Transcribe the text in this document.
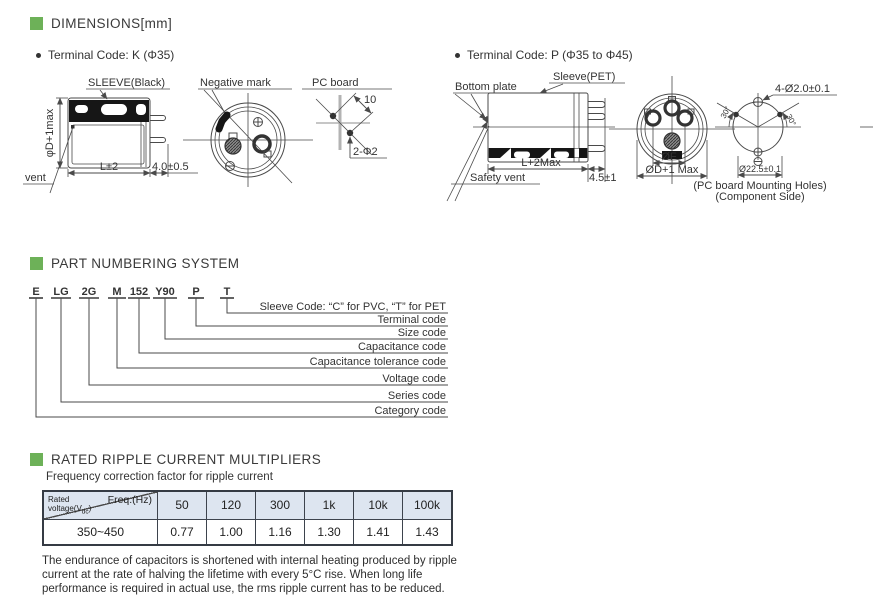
DIMENSIONS[mm]
Terminal Code: K (Φ35)	Terminal Code: P (Φ35 to Φ45)
SLEEVE(Black)
φD+1max
L±2	4.0±0.5
vent
Negative mark	PC board
10
2-Φ2
Bottom plate
Sleeve(PET)
L+2Max
4.5±1
Safety vent
ØF
ØD+1 Max
30°
30°
4-Ø2.0±0.1
Ø22.5±0.1
(PC board Mounting Holes)
(Component Side)
PART NUMBERING SYSTEM
E LG 2G M 152 Y90 P T
Sleeve Code: “C” for PVC, “T” for PET
Terminal code
Size code
Capacitance code
Capacitance tolerance code
Voltage code
Series code
Category code
RATED RIPPLE CURRENT MULTIPLIERS
Frequency correction factor for ripple current
Freq.(Hz)
Rated
$voltage(V_{dc})$	50	120	300	1k	10k	100k
350~450	0.77	1.00	1.16	1.30	1.41	1.43
The endurance of capacitors is shortened with internal heating produced by ripple
current at the rate of halving the lifetime with every 5°C rise. When long life
performance is required in actual use, the rms ripple current has to be reduced.
